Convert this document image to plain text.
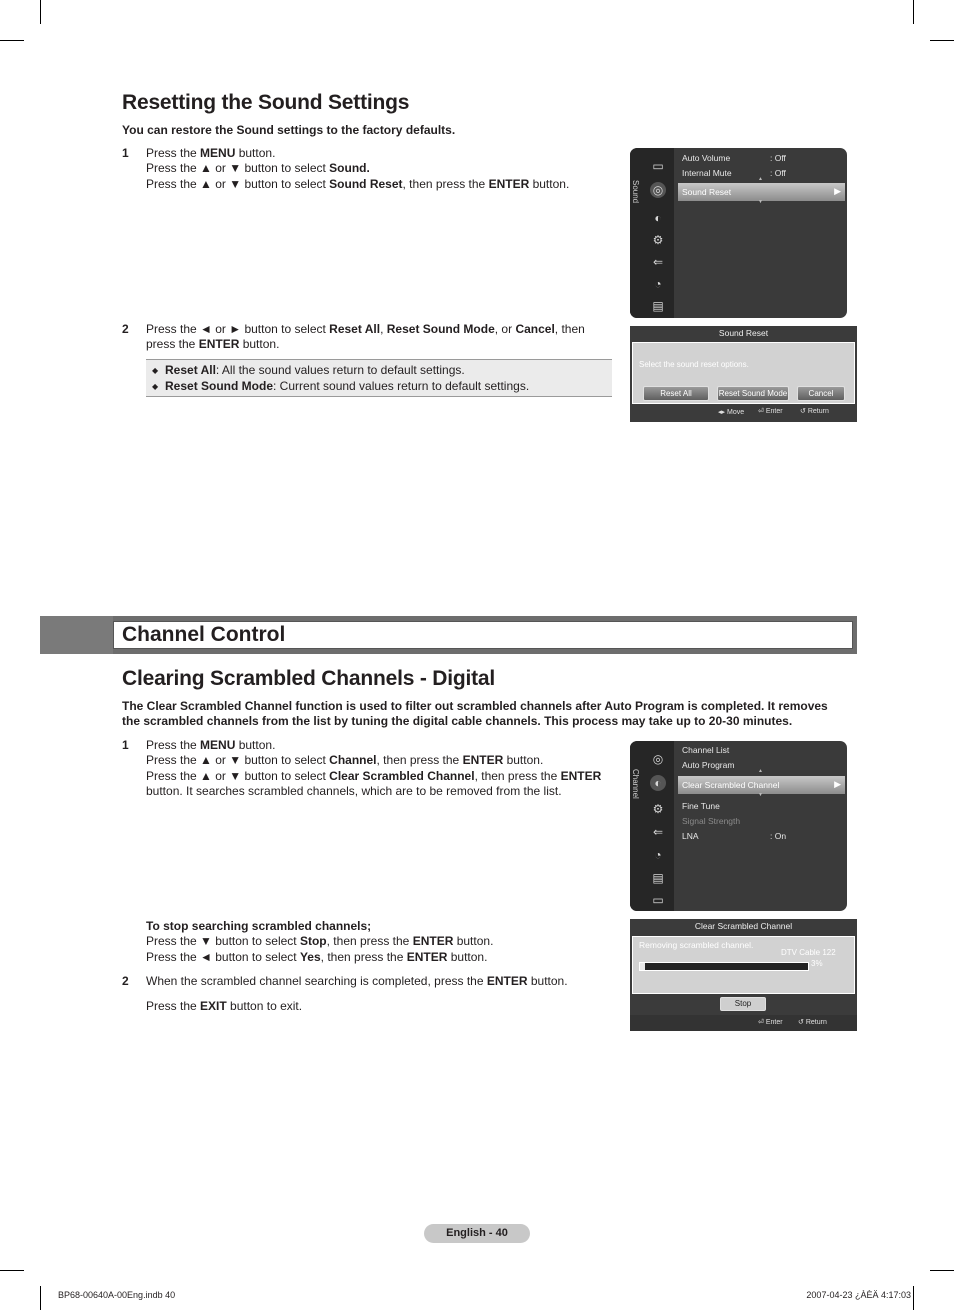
Resetting the Sound Settings
You can restore the Sound settings to the factory defaults.
1 Press the MENU button.
Press the ▲ or ▼ button to select Sound.
Press the ▲ or ▼ button to select Sound Reset, then press the ENTER button.
2 Press the ◄ or ► button to select Reset All, Reset Sound Mode, or Cancel, then
press the ENTER button.
◆ Reset All: All the sound values return to default settings.
◆ Reset Sound Mode: Current sound values return to default settings.
Sound
▭
◎
◐
⚙
⇐
◔
▤
Auto Volume	: Off
Internal Mute	: Off
▲
Sound Reset	▶
▼
Sound Reset
Select the sound reset options.
Reset All	Reset Sound Mode	Cancel
◂▸ Move ⏎ Enter ↺ Return
Channel Control
Clearing Scrambled Channels - Digital
The Clear Scrambled Channel function is used to filter out scrambled channels after Auto Program is completed. It removes
the scrambled channels from the list by tuning the digital cable channels. This process may take up to 20-30 minutes.
1 Press the MENU button.
Press the ▲ or ▼ button to select Channel, then press the ENTER button.
Press the ▲ or ▼ button to select Clear Scrambled Channel, then press the ENTER
button. It searches scrambled channels, which are to be removed from the list.
To stop searching scrambled channels;
Press the ▼ button to select Stop, then press the ENTER button.
Press the ◄ button to select Yes, then press the ENTER button.
2 When the scrambled channel searching is completed, press the ENTER button.
Press the EXIT button to exit.
Channel
◎
◐
⚙
⇐
◔
▤
▭
Channel List
Auto Program
▲
Clear Scrambled Channel	▶
▼
Fine Tune
Signal Strength
LNA	: On
Clear Scrambled Channel
Removing scrambled channel.
DTV Cable 122
3%
Stop
⏎ Enter ↺ Return
English - 40
BP68-00640A-00Eng.indb 40	2007-04-23 ¿ÀÈÄ 4:17:03
